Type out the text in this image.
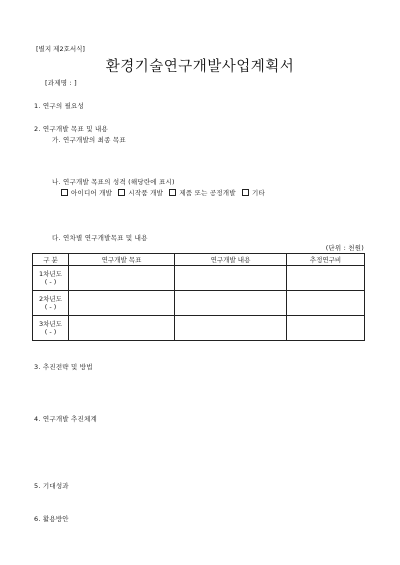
[별지 제2호서식]
환경기술연구개발사업계획서
[과제명 : ]
1. 연구의 필요성
2. 연구개발 목표 및 내용
가. 연구개발의 최종 목표
나. 연구개발 목표의 성격 (해당란에 표시)
아이디어 개발	시작품 개발	제품 또는 공정개발	기타
다. 연차별 연구개발목표 및 내용
(단위 : 천원)
구 분	연구개발 목표	연구개발 내용	추정연구비

1차년도
( - )			

2차년도
( - )			

3차년도
( - )			

3. 추진전략 및 방법
4. 연구개발 추진체계
5. 기대성과
6. 활용방안
